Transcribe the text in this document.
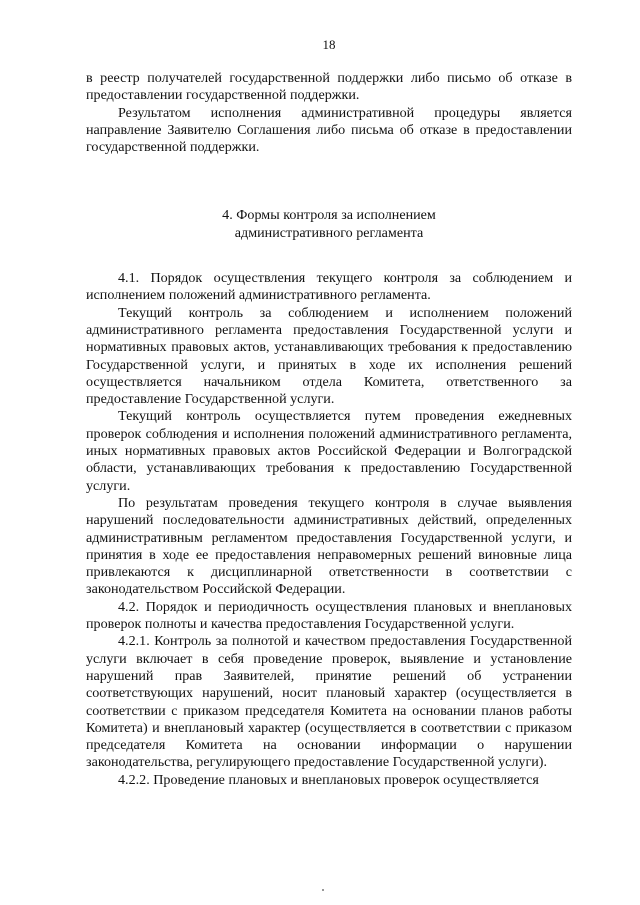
18

в реестр получателей государственной поддержки либо письмо об отказе в предоставлении государственной поддержки.

Результатом исполнения административной процедуры является направление Заявителю Соглашения либо письма об отказе в предоставлении государственной поддержки.

4. Формы контроля за исполнением
административного регламента

4.1. Порядок осуществления текущего контроля за соблюдением и исполнением положений административного регламента.

Текущий контроль за соблюдением и исполнением положений административного регламента предоставления Государственной услуги и нормативных правовых актов, устанавливающих требования к предоставлению Государственной услуги, и принятых в ходе их исполнения решений осуществляется начальником отдела Комитета, ответственного за предоставление Государственной услуги.

Текущий контроль осуществляется путем проведения ежедневных проверок соблюдения и исполнения положений административного регламента, иных нормативных правовых актов Российской Федерации и Волгоградской области, устанавливающих требования к предоставлению Государственной услуги.

По результатам проведения текущего контроля в случае выявления нарушений последовательности административных действий, определенных административным регламентом предоставления Государственной услуги, и принятия в ходе ее предоставления неправомерных решений виновные лица привлекаются к дисциплинарной ответственности в соответствии с законодательством Российской Федерации.

4.2. Порядок и периодичность осуществления плановых и внеплановых проверок полноты и качества предоставления Государственной услуги.

4.2.1. Контроль за полнотой и качеством предоставления Государственной услуги включает в себя проведение проверок, выявление и установление нарушений прав Заявителей, принятие решений об устранении соответствующих нарушений, носит плановый характер (осуществляется в соответствии с приказом председателя Комитета на основании планов работы Комитета) и внеплановый характер (осуществляется в соответствии с приказом председателя Комитета на основании информации о нарушении законодательства, регулирующего предоставление Государственной услуги).

4.2.2. Проведение плановых и внеплановых проверок осуществляется
